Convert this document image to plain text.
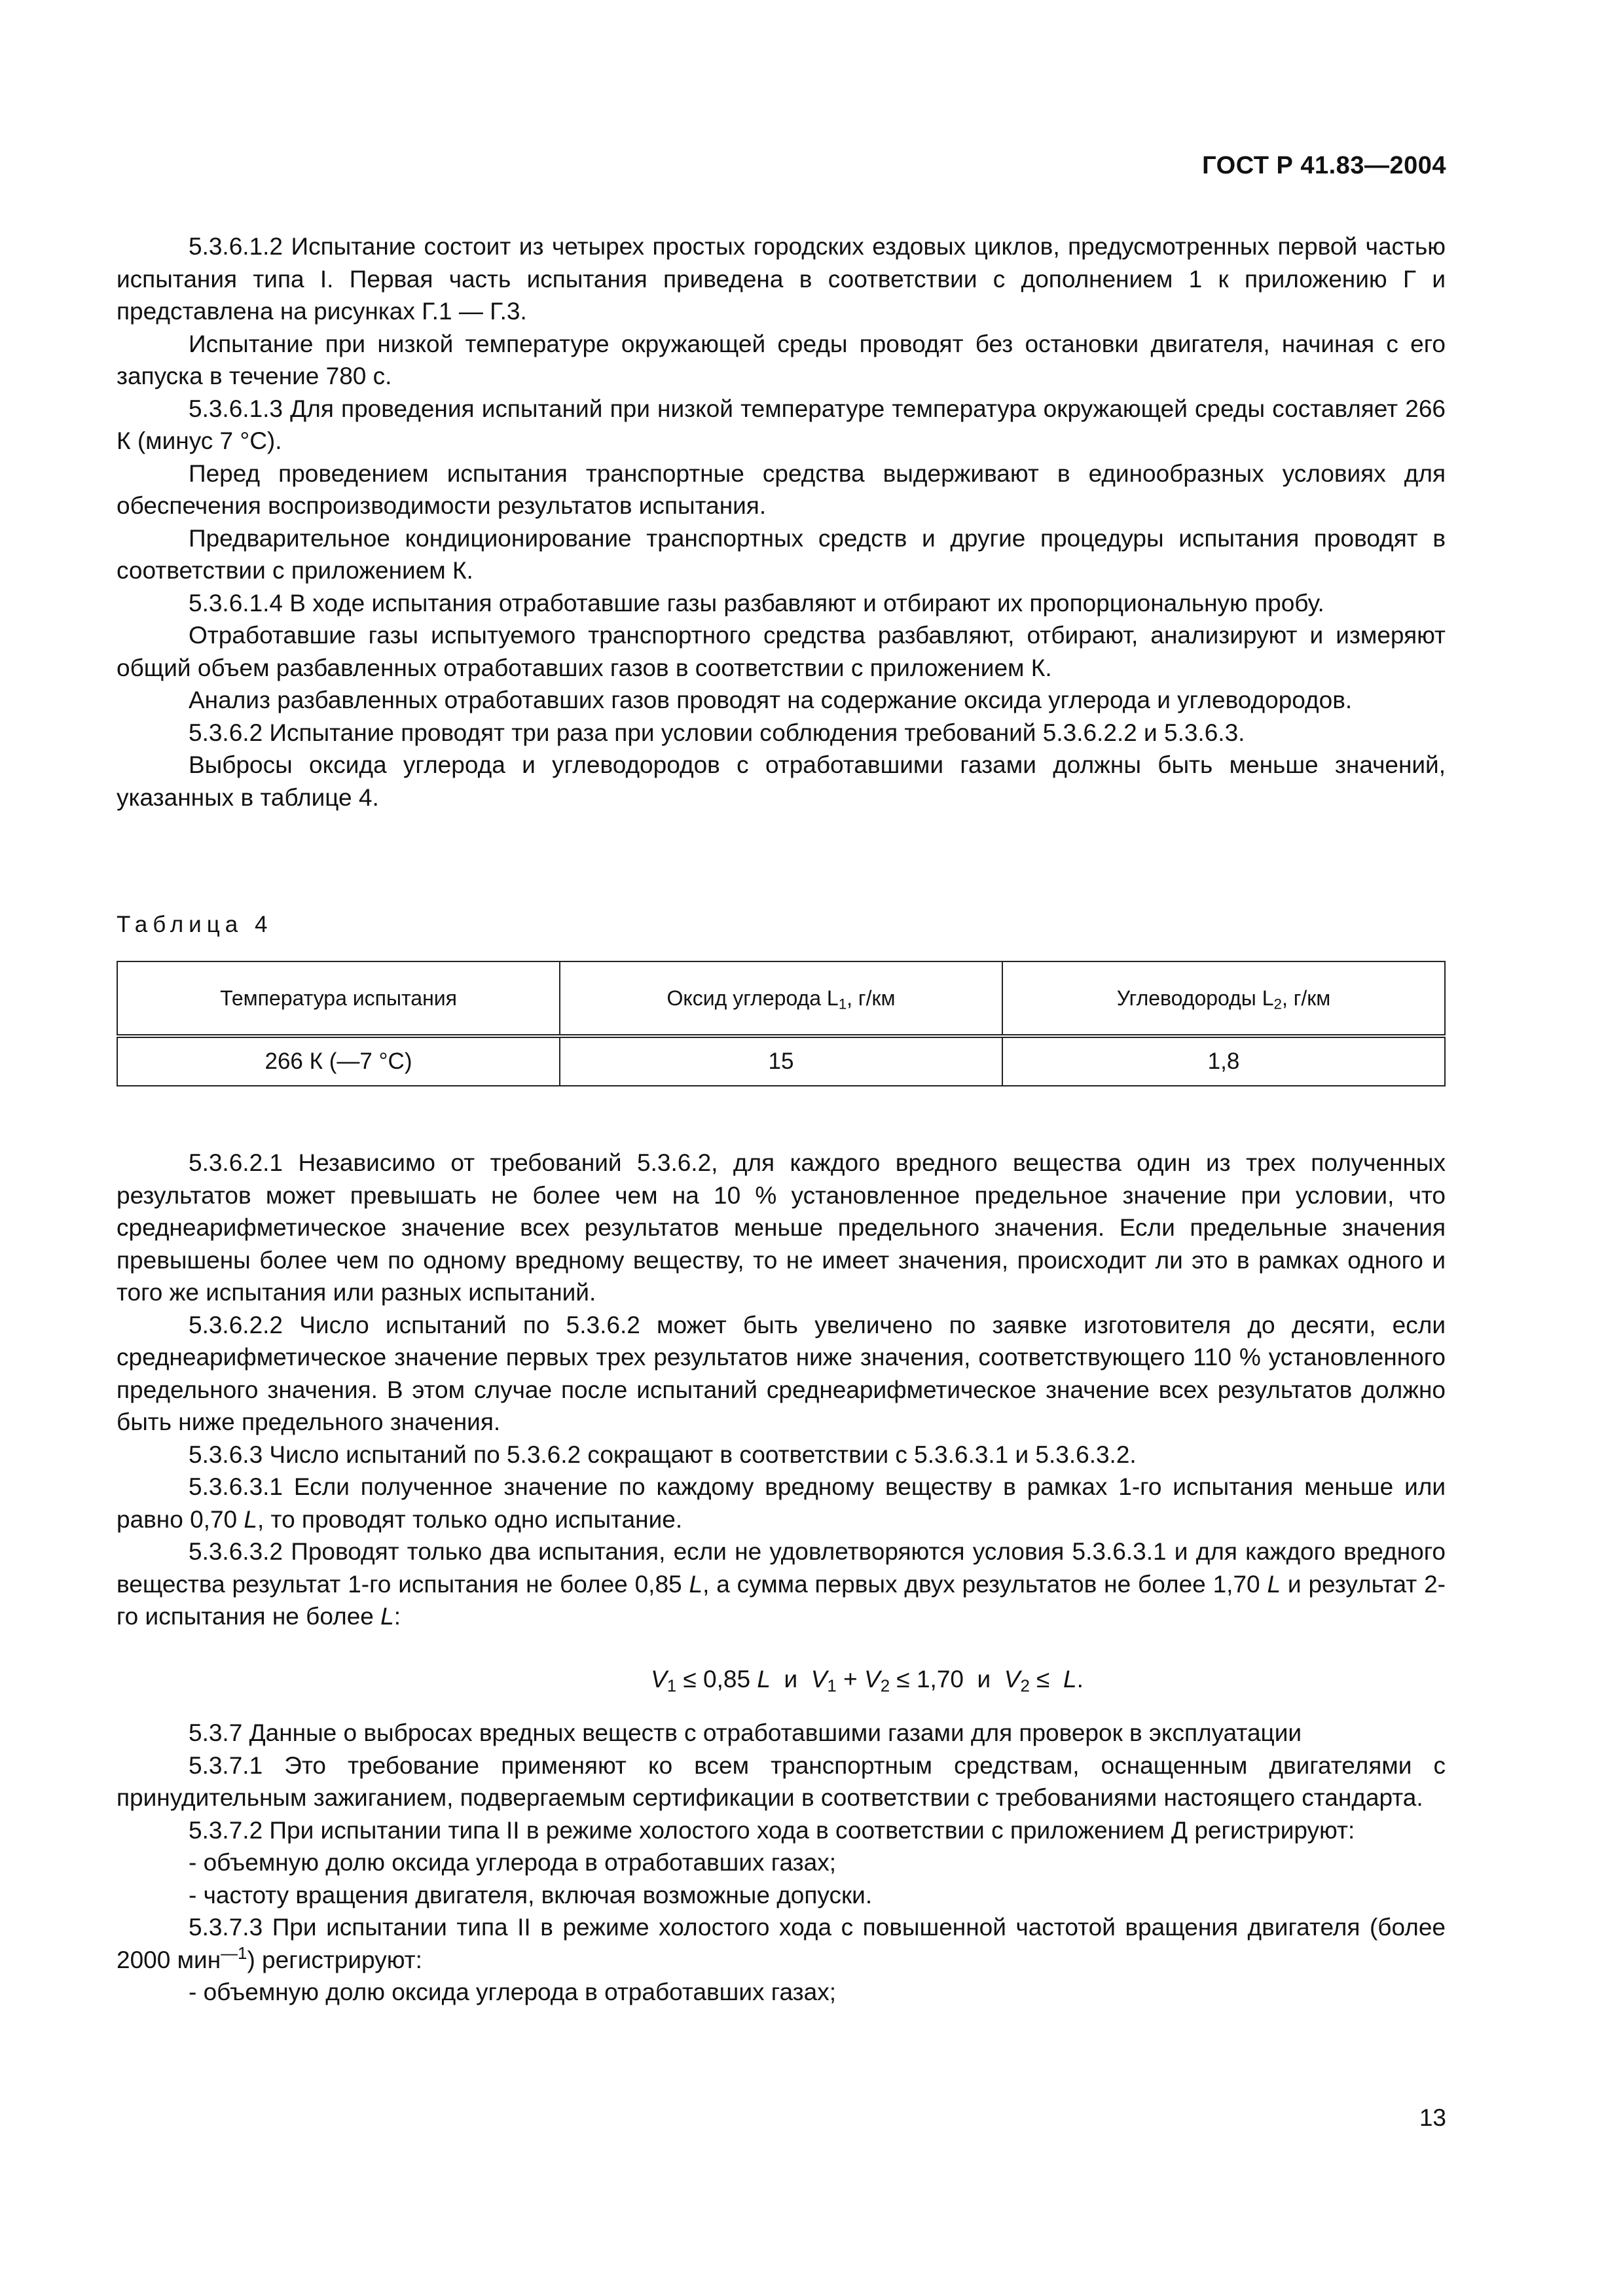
ГОСТ Р 41.83—2004

5.3.6.1.2 Испытание состоит из четырех простых городских ездовых циклов, предусмотренных первой частью испытания типа I. Первая часть испытания приведена в соответствии с дополнением 1 к приложению Г и представлена на рисунках Г.1 — Г.3.

Испытание при низкой температуре окружающей среды проводят без остановки двигателя, начиная с его запуска в течение 780 с.

5.3.6.1.3 Для проведения испытаний при низкой температуре температура окружающей среды составляет 266 К (минус 7 °С).

Перед проведением испытания транспортные средства выдерживают в единообразных условиях для обеспечения воспроизводимости результатов испытания.

Предварительное кондиционирование транспортных средств и другие процедуры испытания проводят в соответствии с приложением К.

5.3.6.1.4 В ходе испытания отработавшие газы разбавляют и отбирают их пропорциональную пробу.

Отработавшие газы испытуемого транспортного средства разбавляют, отбирают, анализируют и измеряют общий объем разбавленных отработавших газов в соответствии с приложением К.

Анализ разбавленных отработавших газов проводят на содержание оксида углерода и углеводородов.

5.3.6.2 Испытание проводят три раза при условии соблюдения требований 5.3.6.2.2 и 5.3.6.3.

Выбросы оксида углерода и углеводородов с отработавшими газами должны быть меньше значений, указанных в таблице 4.

Таблица 4
Температура испытания	Оксид углерода $L_1$, г/км	Углеводороды $L_2$, г/км
266 К (—7 °С)	15	1,8

5.3.6.2.1 Независимо от требований 5.3.6.2, для каждого вредного вещества один из трех полученных результатов может превышать не более чем на 10 % установленное предельное значение при условии, что среднеарифметическое значение всех результатов меньше предельного значения. Если предельные значения превышены более чем по одному вредному веществу, то не имеет значения, происходит ли это в рамках одного и того же испытания или разных испытаний.

5.3.6.2.2 Число испытаний по 5.3.6.2 может быть увеличено по заявке изготовителя до десяти, если среднеарифметическое значение первых трех результатов ниже значения, соответствующего 110 % установленного предельного значения. В этом случае после испытаний среднеарифметическое значение всех результатов должно быть ниже предельного значения.

5.3.6.3 Число испытаний по 5.3.6.2 сокращают в соответствии с 5.3.6.3.1 и 5.3.6.3.2.

5.3.6.3.1 Если полученное значение по каждому вредному веществу в рамках 1-го испытания меньше или равно 0,70 L, то проводят только одно испытание.

5.3.6.3.2 Проводят только два испытания, если не удовлетворяются условия 5.3.6.3.1 и для каждого вредного вещества результат 1-го испытания не более 0,85 L, а сумма первых двух результатов не более 1,70 L и результат 2-го испытания не более L:

$V_1 \le 0,85$ L  и  $V_1 + V_2 \le 1,70$  и  $V_2 \le L$.

5.3.7 Данные о выбросах вредных веществ с отработавшими газами для проверок в эксплуатации

5.3.7.1 Это требование применяют ко всем транспортным средствам, оснащенным двигателями с принудительным зажиганием, подвергаемым сертификации в соответствии с требованиями настоящего стандарта.

5.3.7.2 При испытании типа II в режиме холостого хода в соответствии с приложением Д регистрируют:

- объемную долю оксида углерода в отработавших газах;

- частоту вращения двигателя, включая возможные допуски.

5.3.7.3 При испытании типа II в режиме холостого хода с повышенной частотой вращения двигателя (более 2000 мин$^{—1}$) регистрируют:

- объемную долю оксида углерода в отработавших газах;

13
